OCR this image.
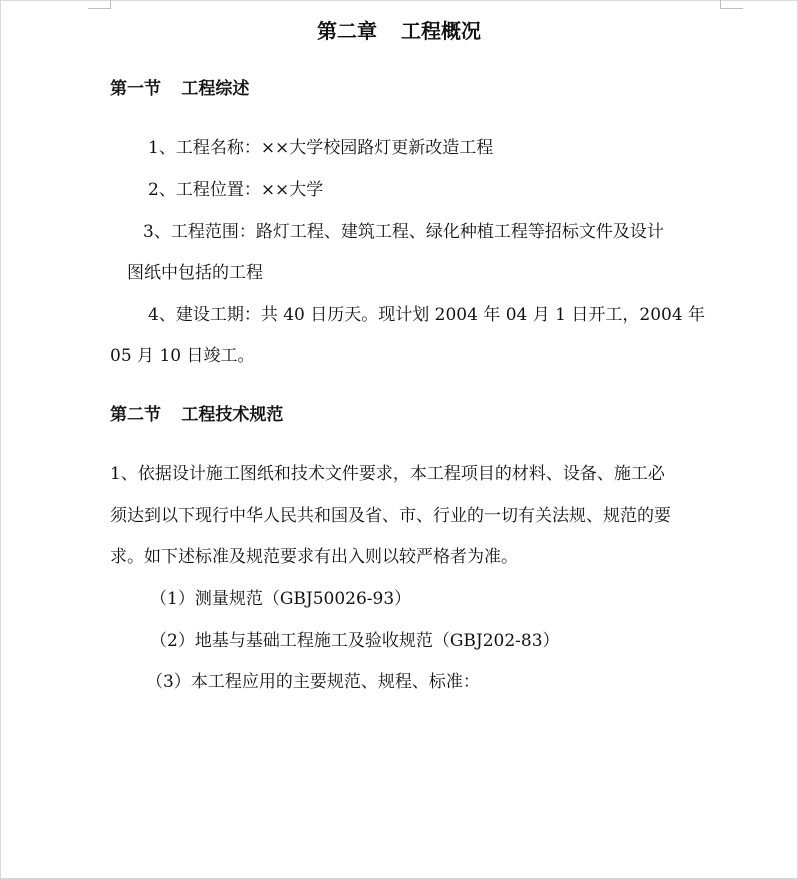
第二章 工程概况
第一节 工程综述
1、工程名称：××大学校园路灯更新改造工程
2、工程位置：××大学
3、工程范围：路灯工程、建筑工程、绿化种植工程等招标文件及设计
图纸中包括的工程
4、建设工期：共 40 日历天。现计划 2004 年 04 月 1 日开工，2004 年
05 月 10 日竣工。
第二节 工程技术规范
1、依据设计施工图纸和技术文件要求，本工程项目的材料、设备、施工必
须达到以下现行中华人民共和国及省、市、行业的一切有关法规、规范的要
求。如下述标准及规范要求有出入则以较严格者为准。
（1）测量规范（GBJ50026-93）
（2）地基与基础工程施工及验收规范（GBJ202-83）
（3）本工程应用的主要规范、规程、标准：
